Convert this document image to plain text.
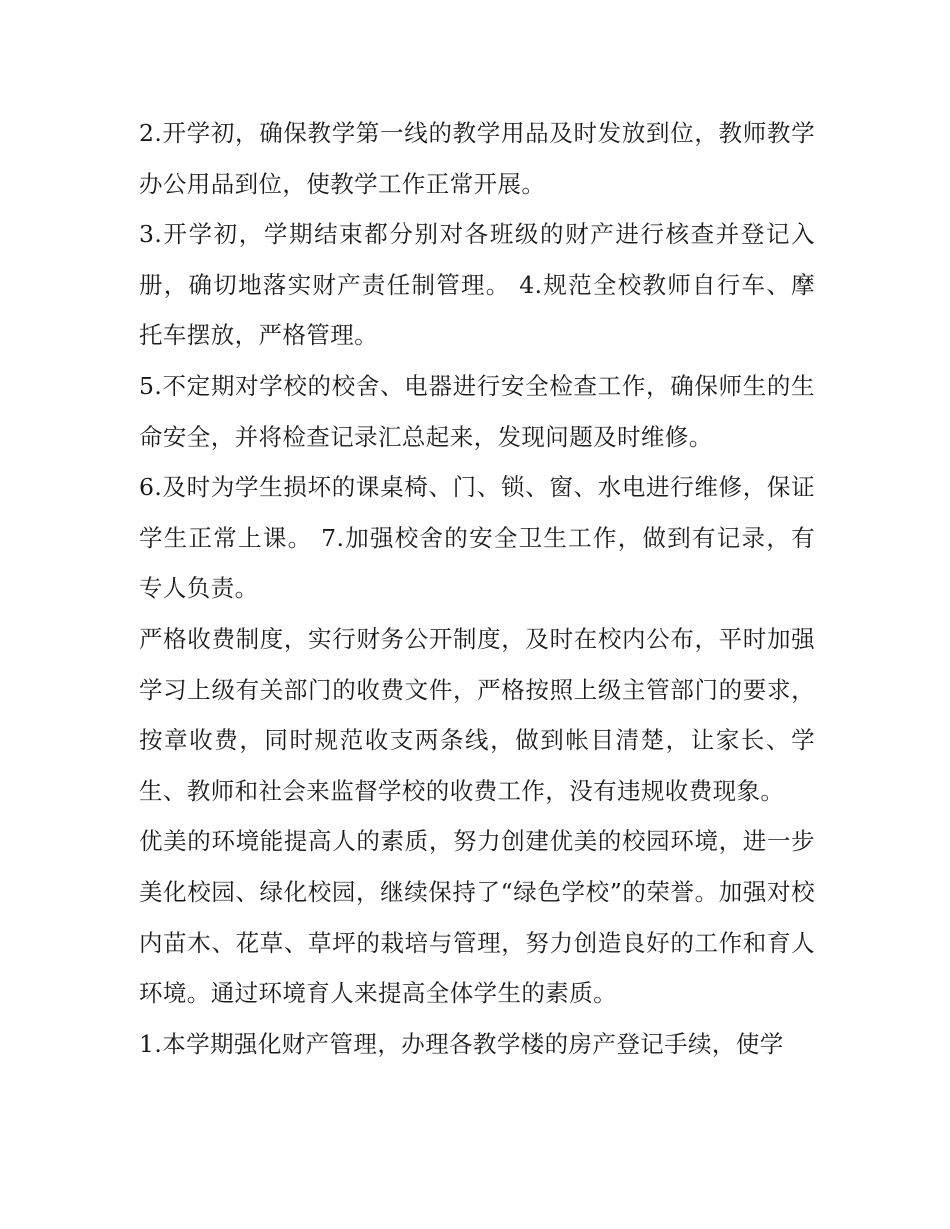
2.开学初，确保教学第一线的教学用品及时发放到位，教师教学办公用品到位，使教学工作正常开展。

3.开学初，学期结束都分别对各班级的财产进行核查并登记入册，确切地落实财产责任制管理。 4.规范全校教师自行车、摩托车摆放，严格管理。

5.不定期对学校的校舍、电器进行安全检查工作，确保师生的生命安全，并将检查记录汇总起来，发现问题及时维修。

6.及时为学生损坏的课桌椅、门、锁、窗、水电进行维修，保证学生正常上课。 7.加强校舍的安全卫生工作，做到有记录，有专人负责。

严格收费制度，实行财务公开制度，及时在校内公布，平时加强学习上级有关部门的收费文件，严格按照上级主管部门的要求，按章收费，同时规范收支两条线，做到帐目清楚，让家长、学生、教师和社会来监督学校的收费工作，没有违规收费现象。

优美的环境能提高人的素质，努力创建优美的校园环境，进一步美化校园、绿化校园，继续保持了“绿色学校”的荣誉。加强对校内苗木、花草、草坪的栽培与管理，努力创造良好的工作和育人环境。通过环境育人来提高全体学生的素质。

1.本学期强化财产管理，办理各教学楼的房产登记手续，使学
